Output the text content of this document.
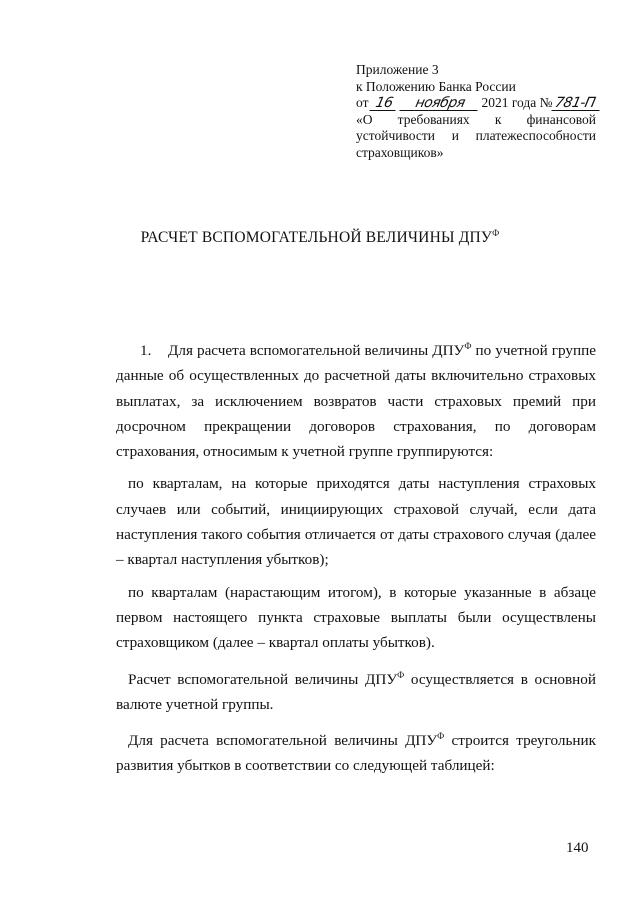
Приложение 3
к Положению Банка России
от 16 ноября 2021 года №781-П
«О требованиях к финансовой
устойчивости и платежеспособности
страховщиков»
РАСЧЕТ ВСПОМОГАТЕЛЬНОЙ ВЕЛИЧИНЫ $ДПУ^Ф$

1. Для расчета вспомогательной величины $ДПУ^Ф$ по учетной группе данные об осуществленных до расчетной даты включительно страховых выплатах, за исключением возвратов части страховых премий при досрочном прекращении договоров страхования, по договорам страхования, относимым к учетной группе группируются:

по кварталам, на которые приходятся даты наступления страховых случаев или событий, инициирующих страховой случай, если дата наступления такого события отличается от даты страхового случая (далее – квартал наступления убытков);

по кварталам (нарастающим итогом), в которые указанные в абзаце первом настоящего пункта страховые выплаты были осуществлены страховщиком (далее – квартал оплаты убытков).

Расчет вспомогательной величины $ДПУ^Ф$ осуществляется в основной валюте учетной группы.

Для расчета вспомогательной величины $ДПУ^Ф$ строится треугольник развития убытков в соответствии со следующей таблицей:

140
